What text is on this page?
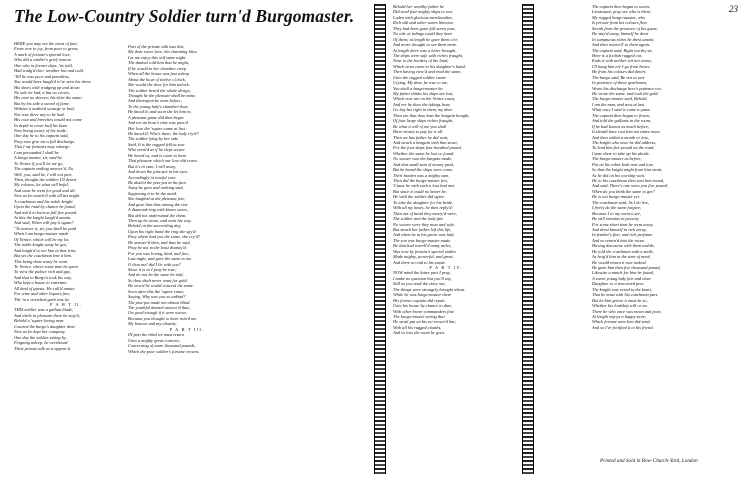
The Low-Country Soldier turn'd Burgomaster.	23
HERE you may see the turns of fate,
From woe to joy, from poor to great;
A mark of fortune's special love,
Who did a soldier's grief remove.
One who in former days, 'tis told,
Had trudg'd thro' weather hot and cold,
'Till he was poor and penniless,
You would have laugh'd to've seen his dress.
His shoes with trudging up and down
No sole he had, a hat no crown,
His coat no sleeves; his shirt the same;
But by his side a sword of fame.
Without a seabord scourge or bad,
Nor was there any to be had.
His coat and breeches would not come
In depth to cover half his bum.
Now being weary of his trade,
One day he to his captain said,
Pray now give me a full discharge,
That I my fortunes may enlarge.
I am persuaded I shall be
A burgo master, sir, said he.
To Venice if you'll let me go,
The captain smiling answer'd, No.
Well, you, said he, I will not part,
Then, thought the soldier, I'll desert
My colours, let what will befal,
And soon he went for good and all.
Now as he march'd with all his might
A coachman and his noble knight
Upon the road by chance he found,
And ask'd to borrow full five pound.
At this the knight laugh'd amain,
And said, When will pay it again?
"To answer it, sir, you shall be paid
When I am burgo-master made
Of Venice, which will be my lot.
The noble knight away he got,
And laugh'd to see him in that trim,
But yet the coachman lent it him.
This being done away he went
To Venice, where some time he spent
To view the palace rich and gay,
And that to Burgo's took his way,
Who kept a house to entertain
All kind of guests. He call'd amain
For wine and other liquors free,
The' in a wretched garb was he.
P A R T II.
THIS soldier was a gallant blade,
And while in pleasure there he stay'd,
Behold a 'squire loving near
Courted the burgo's daughter dear.
Now as he kept her company,
One day the soldier sitting by,
Feigning asleep, he overheard
Their private talk as it appear'd.
Part of the private talk was this,
My dear sweet love, the charming bliss
Let me enjoy this self same night.
The damsel told him that he might,
If he would in her chamber creep
When all the house was fast asleep
About the hour of twelve o'clock,
She would the door for him unlock.
The soldier heard the whole design,
Thought he the pleasure shall be mine,
And thereupon he went before,
To the young lady's chamber-door,
He knock'd, and soon she let him in,
A pleasant game did then begin.
And ere an hour's time was pass'd
Her love the 'squire came at last.
He knock'd, Who's there, the lady cry'd?
The soldier lying by her side
Said, It is the rugged fellow saw
Who seem'd as if he slept secure.
He heard us, and is come to have
That pleasure which our love did crave.
But it's in vain, I will away,
And down the pins-pot in his eyes.
Accordingly in woeful case
He dash'd the piss-pot in his face,
Away he goes and nothing said,
Supposing it to be the maid.
She laughed at the pleasant jest,
And gave him thus among the rest
A diamond-ring with kisses sweet,
But did not understand the cheat.
Then up he arose, and went his way.
Behold on the succeeding day,
Upon his right hand the ring she spy'd:
Pray where had you the same, she cry'd?
He answer'd then, and thus he said,
Pray be not in the least dismay'd;
For you was loving, kind, and free,
Last night, and gave the same to me.
O thou me! did I lie with you?
Since it is so I pray be true;
And do not let the same be told,
So thou shalt never want for gold.
He vow'd he would conceal the same.
Soon after this the 'squire came,
Saying, Why was you so unkind?
The piss-pot made me almost blind.
The youthful damsel answer'd thus,
I'm good enough if it were worse;
Because you thought to have ruin'd me,
My honour and my chastity.
P A R T III.
IN part the third we must return
Unto a mighty great concern;
Concerning of some thousand pounds,
Which the poor soldier's fortune crowns.
Behold her wealthy father he
Did send four mighty ships to sea.
Laden with glorious merchandize,
Rich silk and other wares likewise.
They had been gone full seven year,
No tale or tidings could they hear
Of them; at length he gave them o'er,
And never thought to see them more.
At length there was a letter brought,
The ships were safe with riches fraught,
Near to the borders of the land,
Which news came to his daughter's hand.
Then having view'd and read the same,
Unto the rugged soldier came:
Crying, My dear, be true to me,
You shall a burgo-master be.
My father thinks his ships are lost,
Which now are on the Venice coast,
And ere he does the tidings hear,
Go buy his right in them, my dear.
Then see that thou hast the bargain bought,
Of four large ships riches fraught,
Be what it will of me you shall
Have money to pay for it all.
Then we has father he did wait,
And struck a bargain with him strait,
For the four ships four hundred pound,
Whether the same be lost or found.
No sooner was the bargain made,
And that small sum of money paid,
But he heard the ships were come,
Their burden was a mighty sum.
Then did the burgo-master fret,
'Cause he with such a loss had met.
But since it could no better be,
He with the soldier did agree
To take the daughter for his bride,
With all my heart, he then reply'd;
Then out of hand they marry'd were,
The soldier and the lady fair.
No sooner were they man and wife,
But struck her father left this life,
And when he in his grave was laid,
The son was burgo-master made.
He that had travell'd many miles,
Was now by fortune's special smiles
Made mighty, powerful, and great,
And there no end to his estate.
P A R T IV.
NOW mind the latter part I pray,
I make no question but you'll say,
Still as you read the story out,
The things were strangely brought about.
While he was burgo-master there
His former captain did repair
Unto his house by chance to dine,
With other brave commanders fine.
The burgo-master seeing that
He strait put on his no-crown'd hat;
With all his rugged cloaths,
And so into the room he goes.
The captain then began to swear,
Lieutenant, pray see who is there;
My rugged burgo-master, who
Is private from his colours flew.
Sirrah from the presence of his guest,
He stay'd away, himself he drest
In sumptuous robes he drest amain,
And then return'd' to them again.
The captain said, Right worthy sir,
Here is a foolish rugged cur,
Ends it with neither wit nor sense,
I'll hang him ere I go from hence.
He from his colours did desert,
The burgo said, Be not so tart
In presence of these gentlemen,
Wrote his discharge here's patience too.
He wrote the same, and took the gold.
The burgo-master said, Behold,
I am the man, and now at last
What once I said is come to pass.
The captain then began to frown,
And told the gallants in the room,
If he had known as much before,
It should have cost him ten times more,
And then within a month or less,
The knight who once he did address,
To lend him five pound on the road,
Came there to take up his abode.
The burgo-master as before,
Put on his robes both rent and tore,
So that the knight might from him strait,
As he did on his worship wait.
He to his coachman then sent him round,
And said, There's one owes you five pound;
When do you think the same to get?
He is not burgo-master yet.
The coachman said, As I do live,
I freely do the same forgive;
Because I to my sorrow see,
He still remains in poverty.
For some short time he went away,
And drest himself in rich array,
In feather's fine, and rich perfume,
And so return'd into the room.
Having discourse with them awhile,
He told the coachman with a smile,
As heig'd him in the time of need,
He would return it now indeed.
He gave him then five thousand pound,
Likewise a match for him he found,
A sweet young lady fair and clear
Daughter to a renowned peer.
The knight was vexed to the heart,
That he must with his coachman part.
But let him grieve it must be so,
Whether his lordship will or no.
There he who once was mean and poor,
At length enjoys a happy store,
Which fortune unto him did send,
And so I've fortified it to his friend.
Printed and Sold in Bow-Church-Yard, London
